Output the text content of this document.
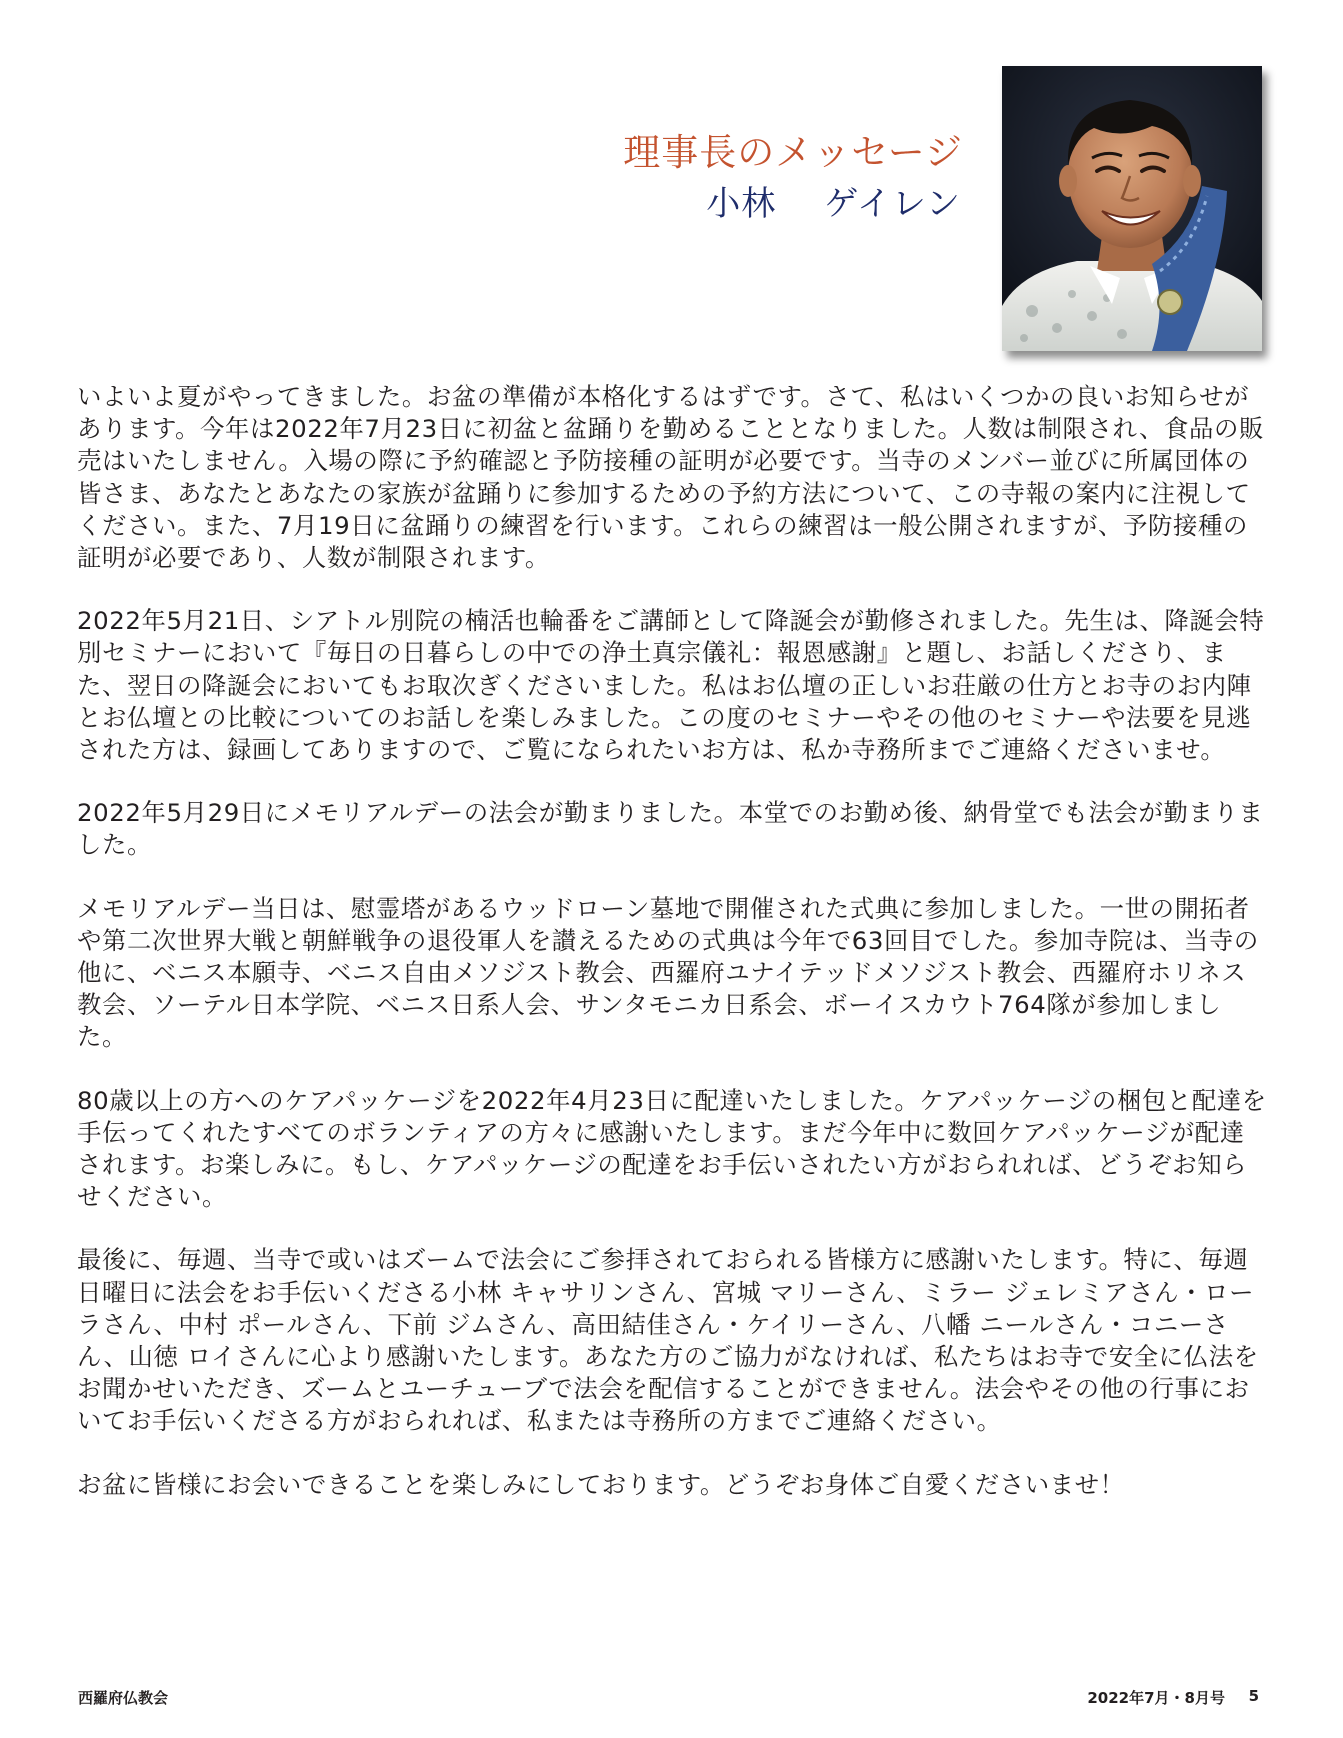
理事長のメッセージ
小林 ゲイレン

いよいよ夏がやってきました。お盆の準備が本格化するはずです。さて、私はいくつかの良いお知らせがあります。今年は2022年7月23日に初盆と盆踊りを勤めることとなりました。人数は制限され、食品の販売はいたしません。入場の際に予約確認と予防接種の証明が必要です。当寺のメンバー並びに所属団体の皆さま、あなたとあなたの家族が盆踊りに参加するための予約方法について、この寺報の案内に注視してください。また、7月19日に盆踊りの練習を行います。これらの練習は一般公開されますが、予防接種の証明が必要であり、人数が制限されます。

2022年5月21日、シアトル別院の楠活也輪番をご講師として降誕会が勤修されました。先生は、降誕会特別セミナーにおいて『毎日の日暮らしの中での浄土真宗儀礼：報恩感謝』と題し、お話しくださり、また、翌日の降誕会においてもお取次ぎくださいました。私はお仏壇の正しいお荘厳の仕方とお寺のお内陣とお仏壇との比較についてのお話しを楽しみました。この度のセミナーやその他のセミナーや法要を見逃された方は、録画してありますので、ご覧になられたいお方は、私か寺務所までご連絡くださいませ。

2022年5月29日にメモリアルデーの法会が勤まりました。本堂でのお勤め後、納骨堂でも法会が勤まりました。

メモリアルデー当日は、慰霊塔があるウッドローン墓地で開催された式典に参加しました。一世の開拓者や第二次世界大戦と朝鮮戦争の退役軍人を讃えるための式典は今年で63回目でした。参加寺院は、当寺の他に、ベニス本願寺、ベニス自由メソジスト教会、西羅府ユナイテッドメソジスト教会、西羅府ホリネス教会、ソーテル日本学院、ベニス日系人会、サンタモニカ日系会、ボーイスカウト764隊が参加しました。

80歳以上の方へのケアパッケージを2022年4月23日に配達いたしました。ケアパッケージの梱包と配達を手伝ってくれたすべてのボランティアの方々に感謝いたします。まだ今年中に数回ケアパッケージが配達されます。お楽しみに。もし、ケアパッケージの配達をお手伝いされたい方がおられれば、どうぞお知らせください。

最後に、毎週、当寺で或いはズームで法会にご参拝されておられる皆様方に感謝いたします。特に、毎週日曜日に法会をお手伝いくださる小林 キャサリンさん、宮城 マリーさん、ミラー ジェレミアさん・ローラさん、中村 ポールさん、下前 ジムさん、高田結佳さん・ケイリーさん、八幡 ニールさん・コニーさん、山徳 ロイさんに心より感謝いたします。あなた方のご協力がなければ、私たちはお寺で安全に仏法をお聞かせいただき、ズームとユーチューブで法会を配信することができません。法会やその他の行事においてお手伝いくださる方がおられれば、私または寺務所の方までご連絡ください。

お盆に皆様にお会いできることを楽しみにしております。どうぞお身体ご自愛くださいませ！

西羅府仏教会	2022年7月・8月号 5
